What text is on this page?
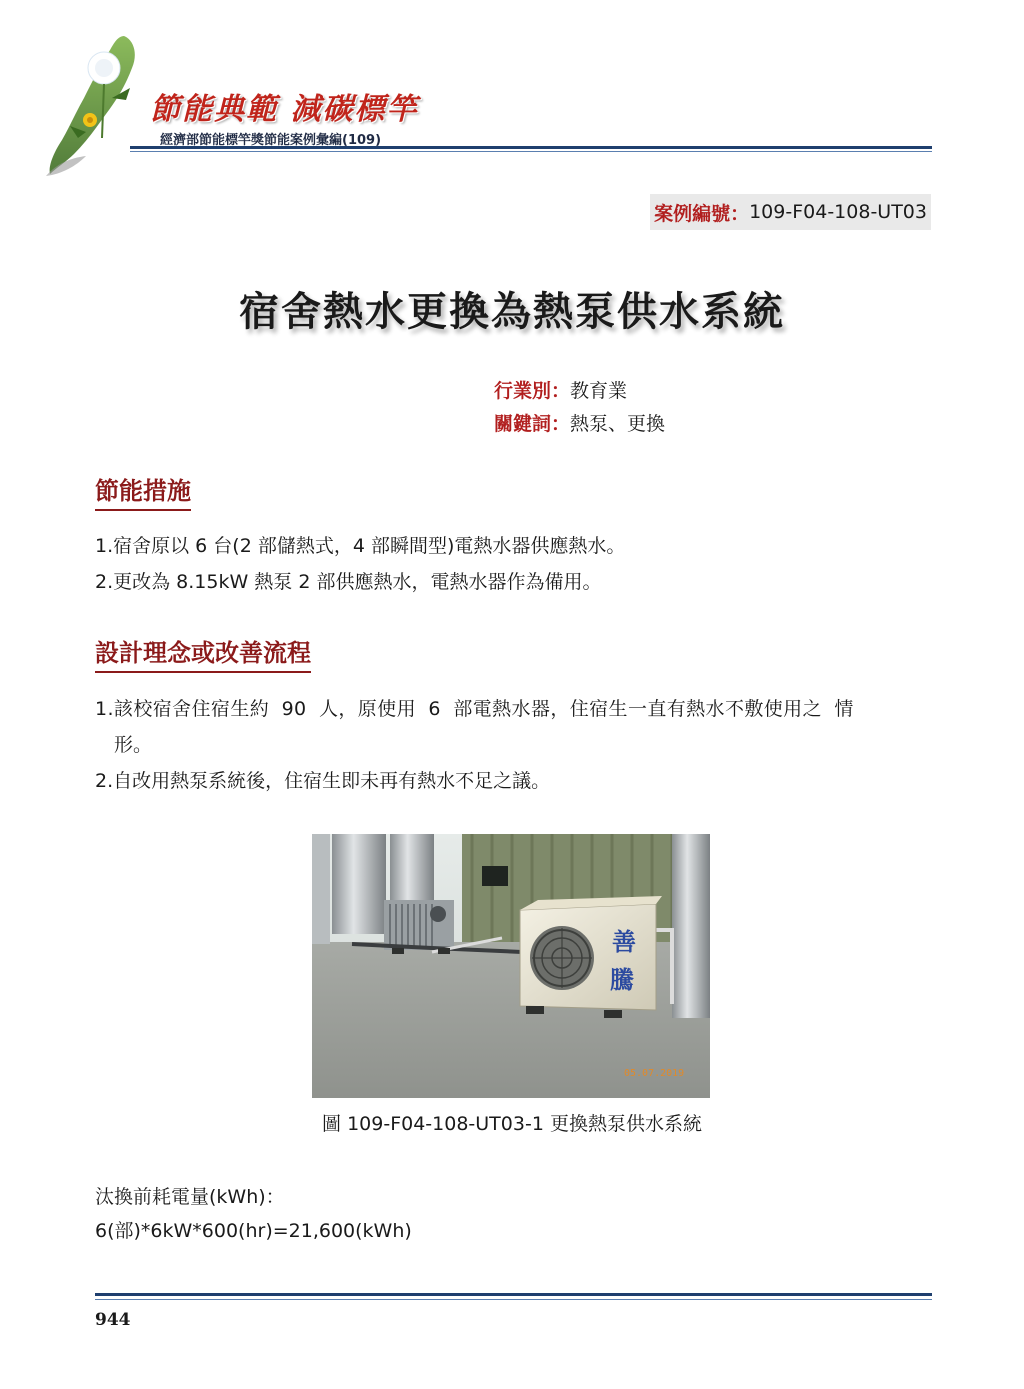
節能典範 減碳標竿
經濟部節能標竿獎節能案例彙編(109)
案例編號： 109-F04-108-UT03
宿舍熱水更換為熱泵供水系統
行業別：教育業
關鍵詞：熱泵、更換
節能措施
1.宿舍原以 6 台(2 部儲熱式，4 部瞬間型)電熱水器供應熱水。
2.更改為 8.15kW 熱泵 2 部供應熱水，電熱水器作為備用。
設計理念或改善流程
1.該校宿舍住宿生約 90 人，原使用 6 部電熱水器，住宿生一直有熱水不敷使用之 情
形。
2.自改用熱泵系統後，住宿生即未再有熱水不足之議。
善
騰
05.07.2019
圖 109-F04-108-UT03-1 更換熱泵供水系統
汰換前耗電量(kWh)：
6(部)*6kW*600(hr)=21,600(kWh)
944
